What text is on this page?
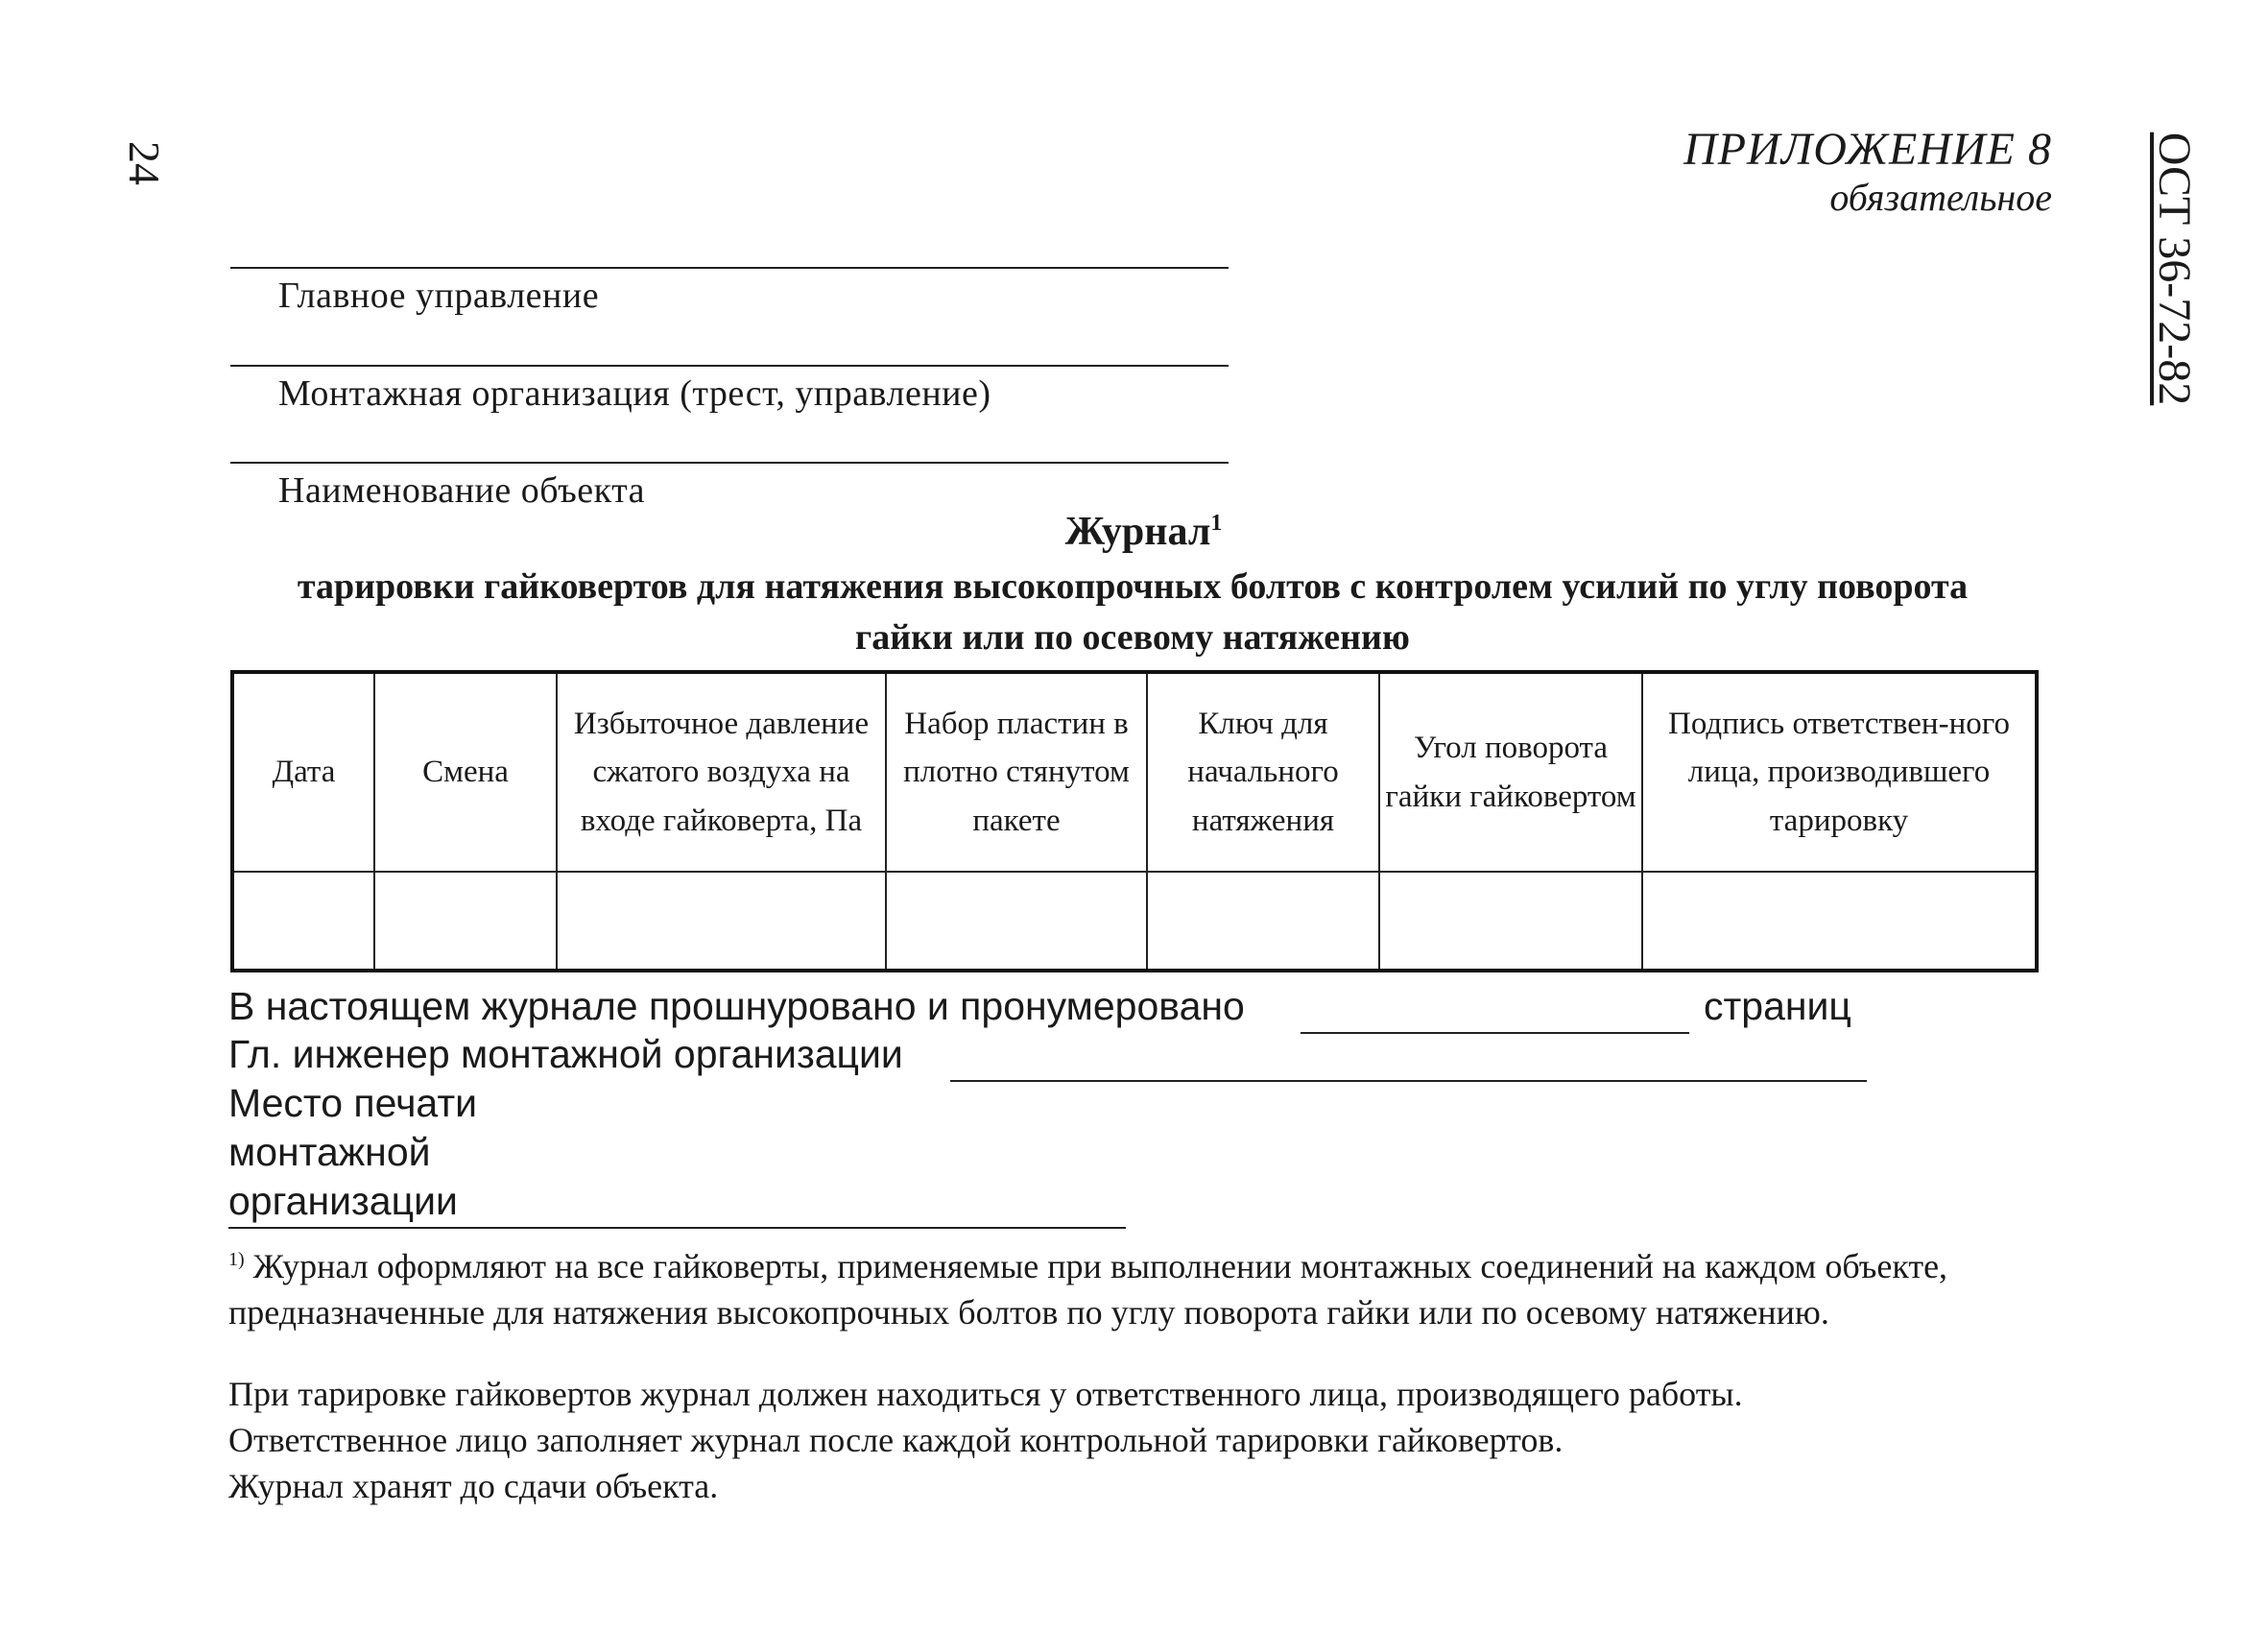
24	ОСТ 36-72-82
ПРИЛОЖЕНИЕ 8
обязательное
Главное управление
Монтажная организация (трест, управление)
Наименование объекта
Журнал$^1$
тарировки гайковертов для натяжения высокопрочных болтов с контролем усилий по углу поворота гайки или по осевому натяжению
Дата	Смена	Избыточное давление сжатого воздуха на входе гайковерта, Па	Набор пластин в плотно стянутом пакете	Ключ для начального натяжения	Угол поворота гайки гайковертом	Подпись ответствен-ного лица, производившего тарировку

В настоящем журнале прошнуровано и пронумеровано	страниц
Гл. инженер монтажной организации
Место печати
монтажной
организации
$^{1)}$ Журнал оформляют на все гайковерты, применяемые при выполнении монтажных соединений на каждом объекте, предназначенные для натяжения высокопрочных болтов по углу поворота гайки или по осевому натяжению.
При тарировке гайковертов журнал должен находиться у ответственного лица, производящего работы.
Ответственное лицо заполняет журнал после каждой контрольной тарировки гайковертов.
Журнал хранят до сдачи объекта.
